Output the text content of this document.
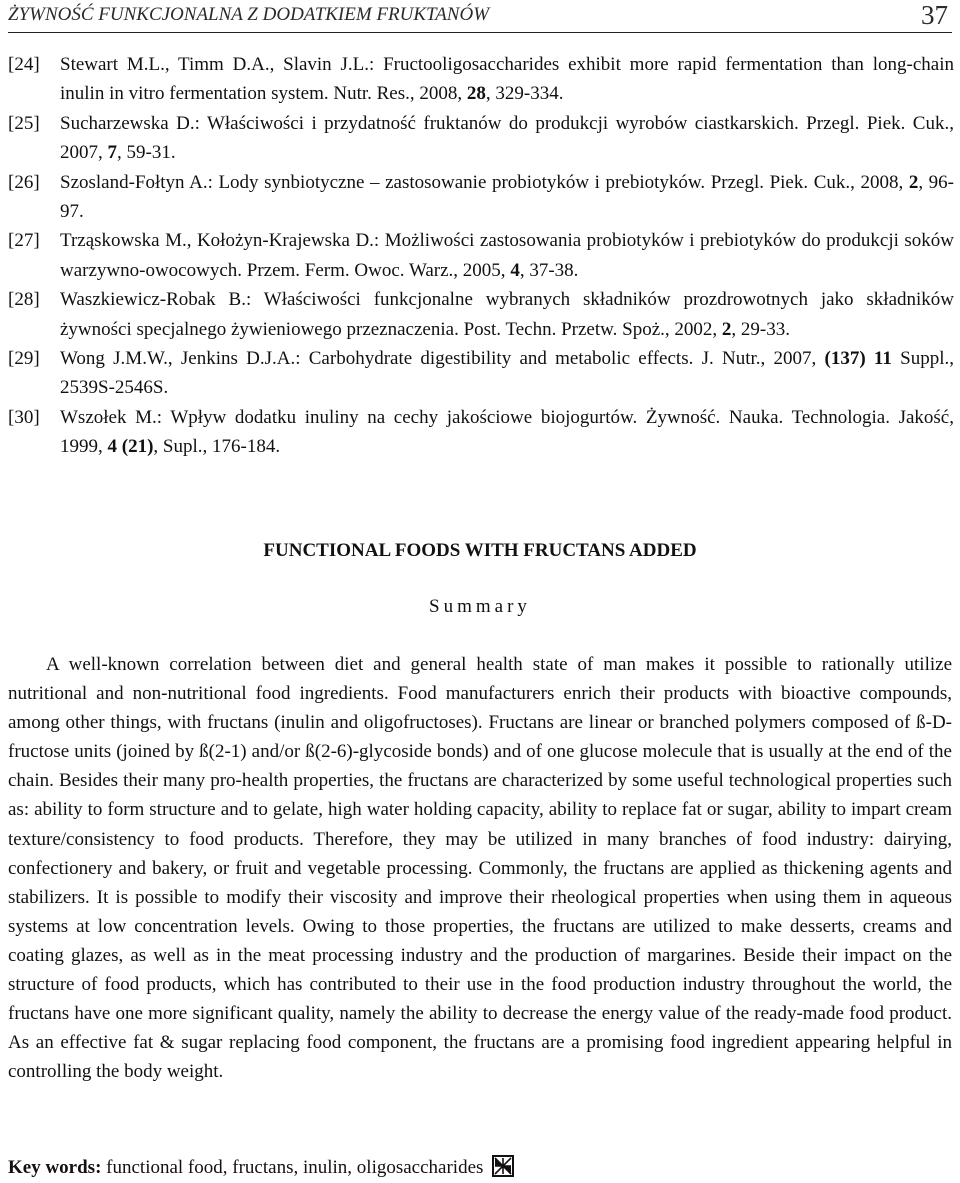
ŻYWNOŚĆ FUNKCJONALNA Z DODATKIEM FRUKTANÓW	37
[24]	Stewart M.L., Timm D.A., Slavin J.L.: Fructooligosaccharides exhibit more rapid fermentation than long-chain inulin in vitro fermentation system. Nutr. Res., 2008, 28, 329-334.
[25]	Sucharzewska D.: Właściwości i przydatność fruktanów do produkcji wyrobów ciastkarskich. Przegl. Piek. Cuk., 2007, 7, 59-31.
[26]	Szosland-Fołtyn A.: Lody synbiotyczne – zastosowanie probiotyków i prebiotyków. Przegl. Piek. Cuk., 2008, 2, 96-97.
[27]	Trząskowska M., Kołożyn-Krajewska D.: Możliwości zastosowania probiotyków i prebiotyków do produkcji soków warzywno-owocowych. Przem. Ferm. Owoc. Warz., 2005, 4, 37-38.
[28]	Waszkiewicz-Robak B.: Właściwości funkcjonalne wybranych składników prozdrowotnych jako składników żywności specjalnego żywieniowego przeznaczenia. Post. Techn. Przetw. Spoż., 2002, 2, 29-33.
[29]	Wong J.M.W., Jenkins D.J.A.: Carbohydrate digestibility and metabolic effects. J. Nutr., 2007, (137) 11 Suppl., 2539S-2546S.
[30]	Wszołek M.: Wpływ dodatku inuliny na cechy jakościowe biojogurtów. Żywność. Nauka. Technologia. Jakość, 1999, 4 (21), Supl., 176-184.
FUNCTIONAL FOODS WITH FRUCTANS ADDED
Summary
A well-known correlation between diet and general health state of man makes it possible to rationally utilize nutritional and non-nutritional food ingredients. Food manufacturers enrich their products with bioactive compounds, among other things, with fructans (inulin and oligofructoses). Fructans are linear or branched polymers composed of ß-D-fructose units (joined by ß(2-1) and/or ß(2-6)-glycoside bonds) and of one glucose molecule that is usually at the end of the chain. Besides their many pro-health properties, the fructans are characterized by some useful technological properties such as: ability to form structure and to gelate, high water holding capacity, ability to replace fat or sugar, ability to impart cream texture/consistency to food products. Therefore, they may be utilized in many branches of food industry: dairying, confectionery and bakery, or fruit and vegetable processing. Commonly, the fructans are applied as thickening agents and stabilizers. It is possible to modify their viscosity and improve their rheological properties when using them in aqueous systems at low concentration levels. Owing to those properties, the fructans are utilized to make desserts, creams and coating glazes, as well as in the meat processing industry and the production of margarines. Beside their impact on the structure of food products, which has contributed to their use in the food production industry throughout the world, the fructans have one more significant quality, namely the ability to decrease the energy value of the ready-made food product. As an effective fat & sugar replacing food component, the fructans are a promising food ingredient appearing helpful in controlling the body weight.
Key words: functional food, fructans, inulin, oligosaccharides
